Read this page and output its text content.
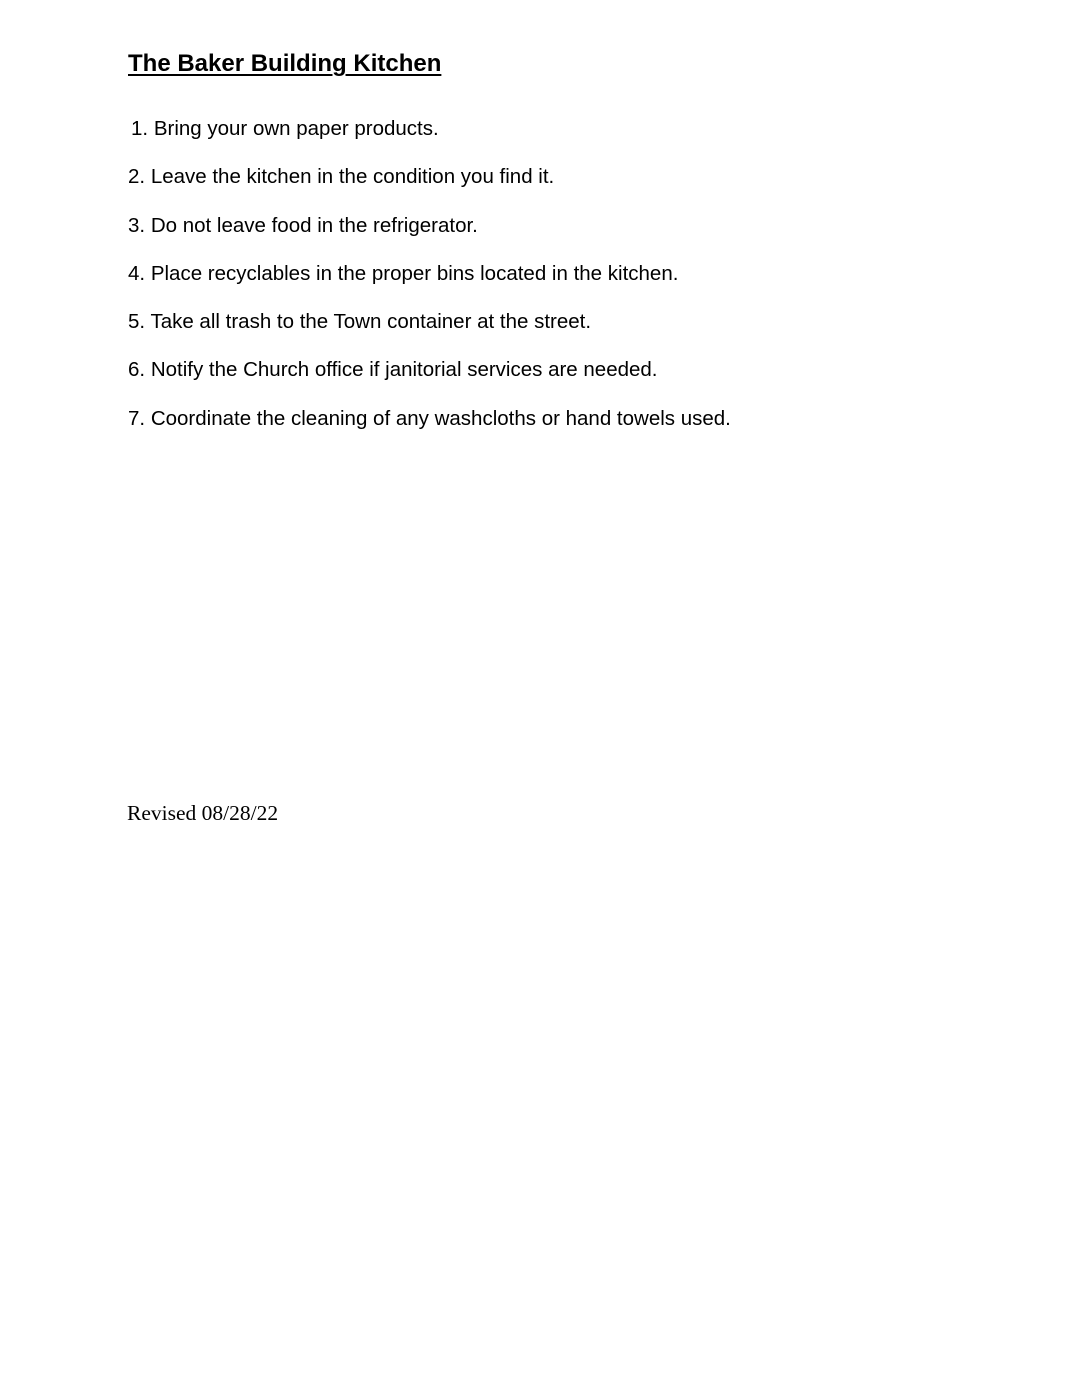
The Baker Building Kitchen
1. Bring your own paper products.
2. Leave the kitchen in the condition you find it.
3. Do not leave food in the refrigerator.
4. Place recyclables in the proper bins located in the kitchen.
5. Take all trash to the Town container at the street.
6. Notify the Church office if janitorial services are needed.
7. Coordinate the cleaning of any washcloths or hand towels used.

Revised 08/28/22
